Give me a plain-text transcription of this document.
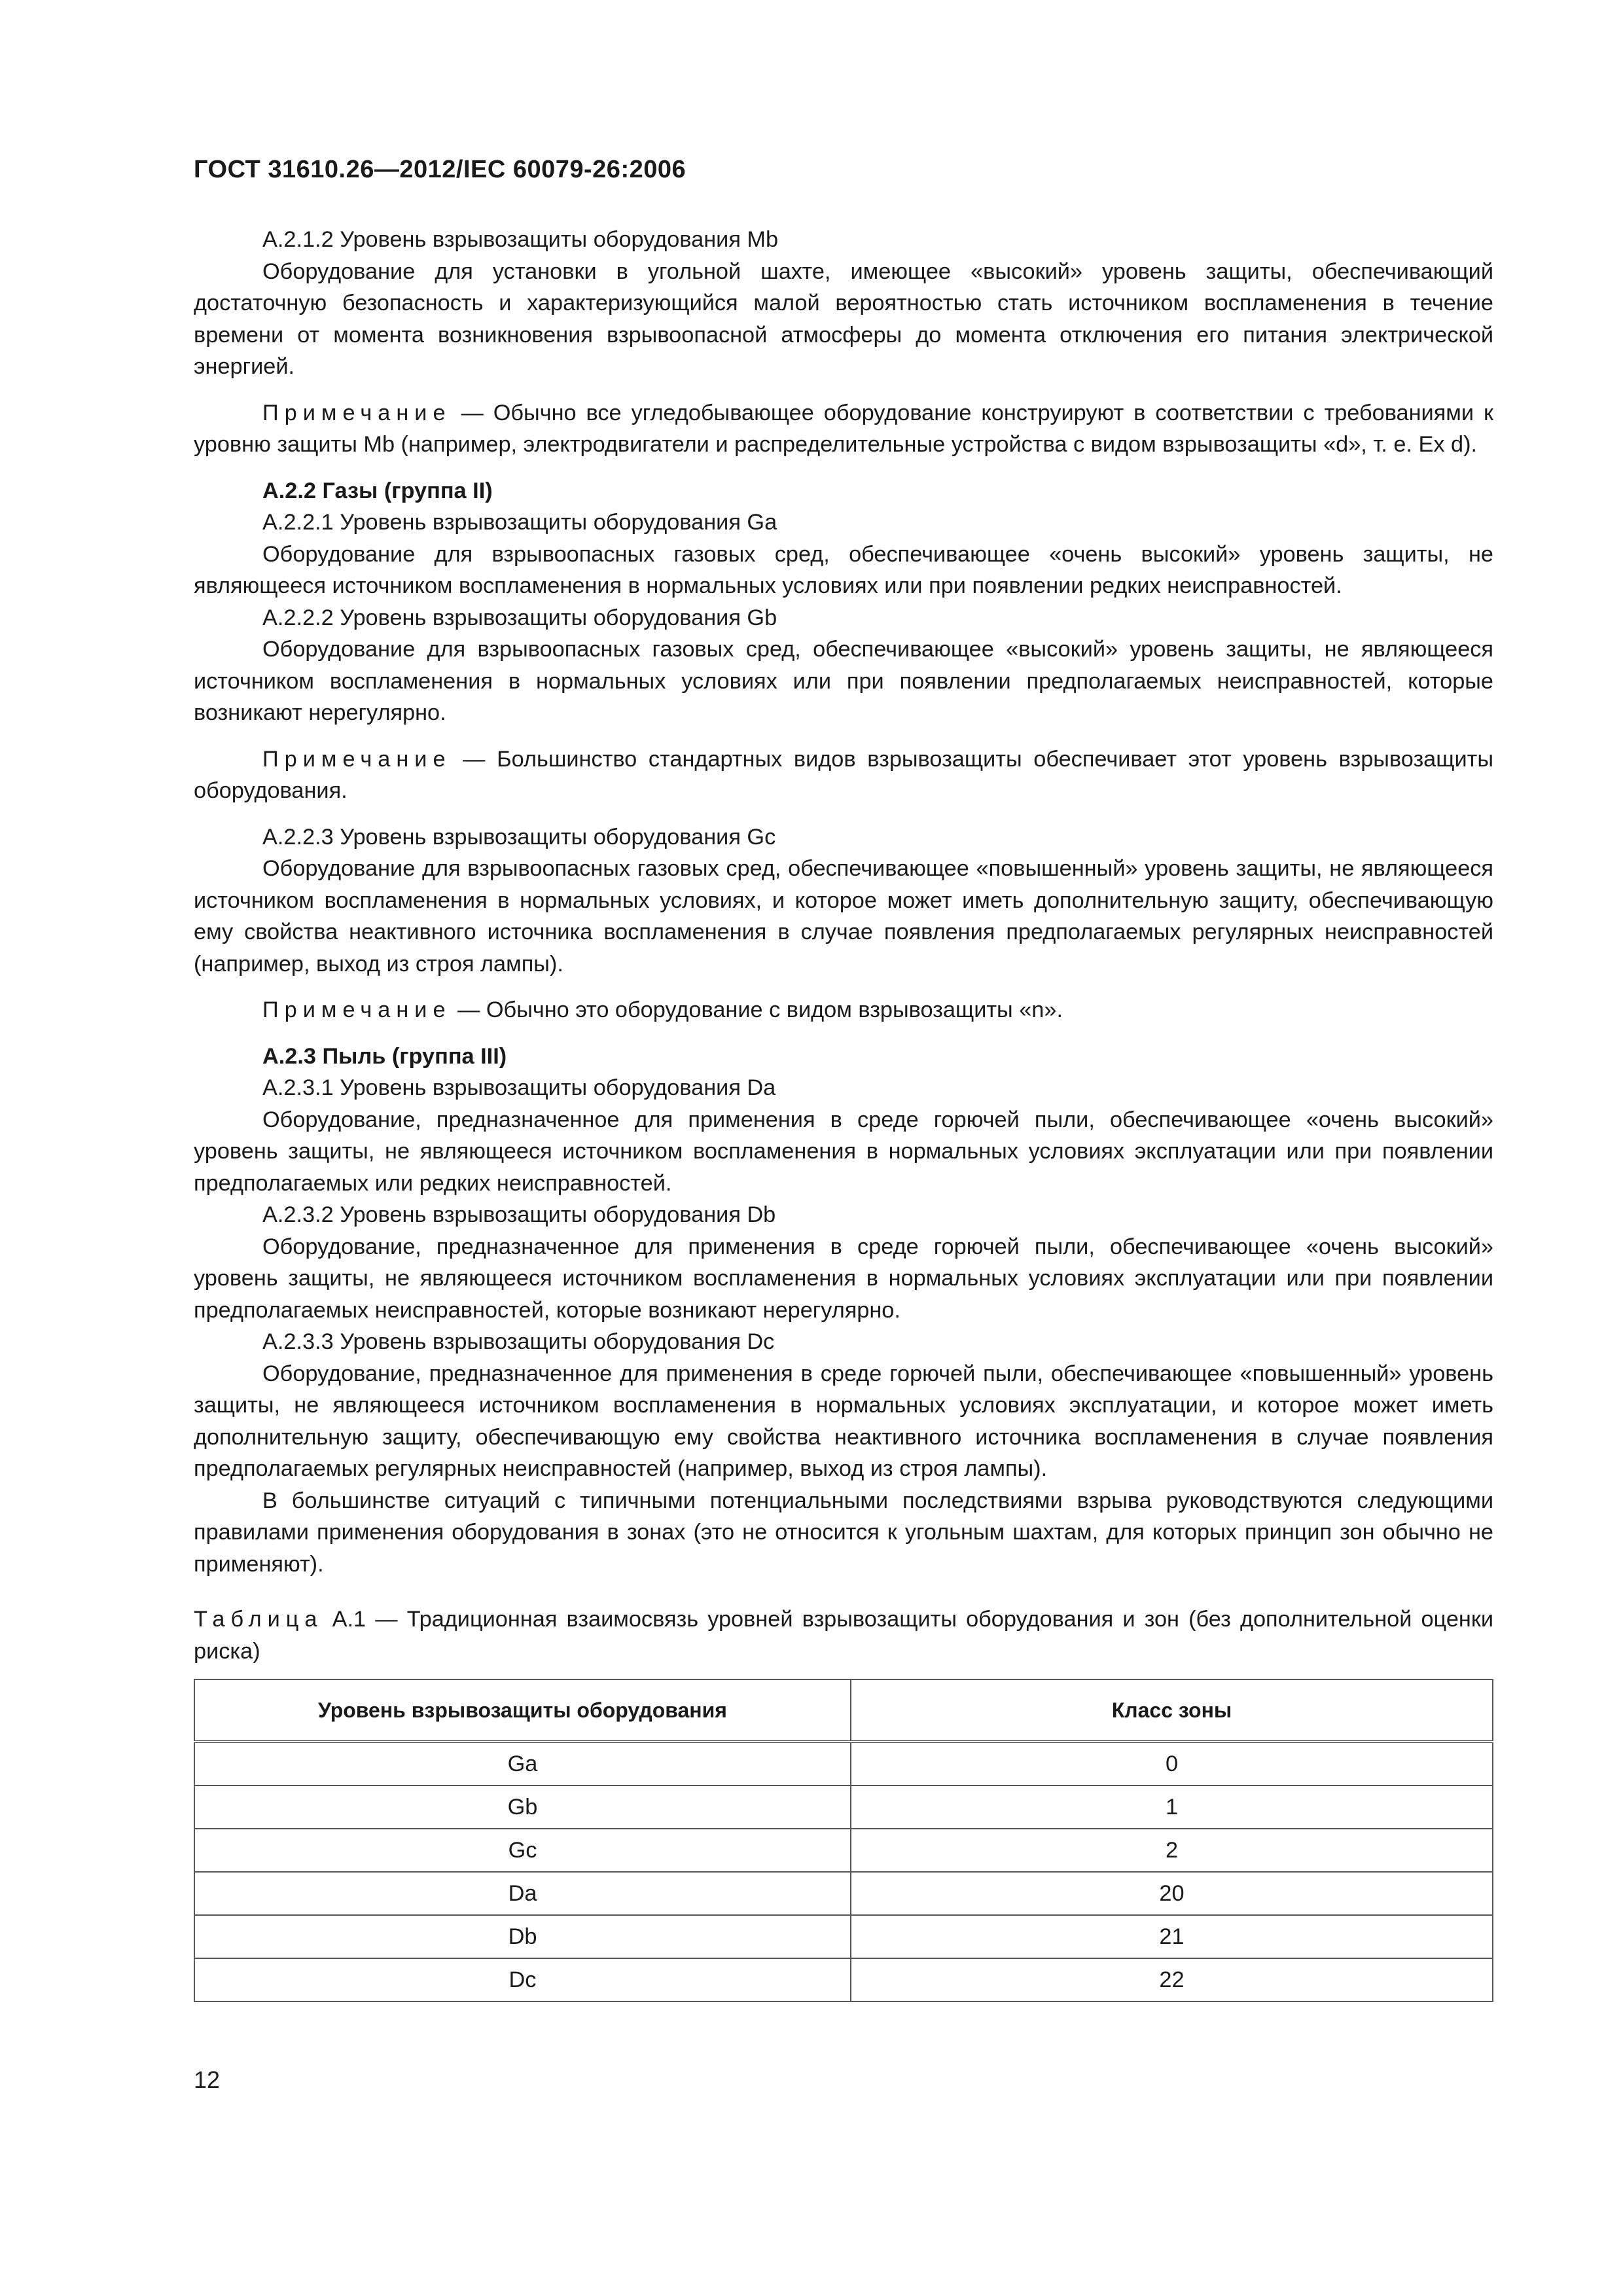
ГОСТ 31610.26—2012/IEC 60079-26:2006

A.2.1.2 Уровень взрывозащиты оборудования Mb

Оборудование для установки в угольной шахте, имеющее «высокий» уровень защиты, обеспечивающий достаточную безопасность и характеризующийся малой вероятностью стать источником воспламенения в течение времени от момента возникновения взрывоопасной атмосферы до момента отключения его питания электрической энергией.

Примечание — Обычно все угледобывающее оборудование конструируют в соответствии с требованиями к уровню защиты Mb (например, электродвигатели и распределительные устройства с видом взрывозащиты «d», т. е. Ex d).

A.2.2 Газы (группа II)

A.2.2.1 Уровень взрывозащиты оборудования Ga

Оборудование для взрывоопасных газовых сред, обеспечивающее «очень высокий» уровень защиты, не являющееся источником воспламенения в нормальных условиях или при появлении редких неисправностей.

A.2.2.2 Уровень взрывозащиты оборудования Gb

Оборудование для взрывоопасных газовых сред, обеспечивающее «высокий» уровень защиты, не являющееся источником воспламенения в нормальных условиях или при появлении предполагаемых неисправностей, которые возникают нерегулярно.

Примечание — Большинство стандартных видов взрывозащиты обеспечивает этот уровень взрывозащиты оборудования.

A.2.2.3 Уровень взрывозащиты оборудования Gc

Оборудование для взрывоопасных газовых сред, обеспечивающее «повышенный» уровень защиты, не являющееся источником воспламенения в нормальных условиях, и которое может иметь дополнительную защиту, обеспечивающую ему свойства неактивного источника воспламенения в случае появления предполагаемых регулярных неисправностей (например, выход из строя лампы).

Примечание — Обычно это оборудование с видом взрывозащиты «n».

A.2.3 Пыль (группа III)

A.2.3.1 Уровень взрывозащиты оборудования Da

Оборудование, предназначенное для применения в среде горючей пыли, обеспечивающее «очень высокий» уровень защиты, не являющееся источником воспламенения в нормальных условиях эксплуатации или при появлении предполагаемых или редких неисправностей.

A.2.3.2 Уровень взрывозащиты оборудования Db

Оборудование, предназначенное для применения в среде горючей пыли, обеспечивающее «очень высокий» уровень защиты, не являющееся источником воспламенения в нормальных условиях эксплуатации или при появлении предполагаемых неисправностей, которые возникают нерегулярно.

A.2.3.3 Уровень взрывозащиты оборудования Dc

Оборудование, предназначенное для применения в среде горючей пыли, обеспечивающее «повышенный» уровень защиты, не являющееся источником воспламенения в нормальных условиях эксплуатации, и которое может иметь дополнительную защиту, обеспечивающую ему свойства неактивного источника воспламенения в случае появления предполагаемых регулярных неисправностей (например, выход из строя лампы).

В большинстве ситуаций с типичными потенциальными последствиями взрыва руководствуются следующими правилами применения оборудования в зонах (это не относится к угольным шахтам, для которых принцип зон обычно не применяют).

Таблица A.1 — Традиционная взаимосвязь уровней взрывозащиты оборудования и зон (без дополнительной оценки риска)

Уровень взрывозащиты оборудования	Класс зоны
Ga	0
Gb	1
Gc	2
Da	20
Db	21
Dc	22
12
